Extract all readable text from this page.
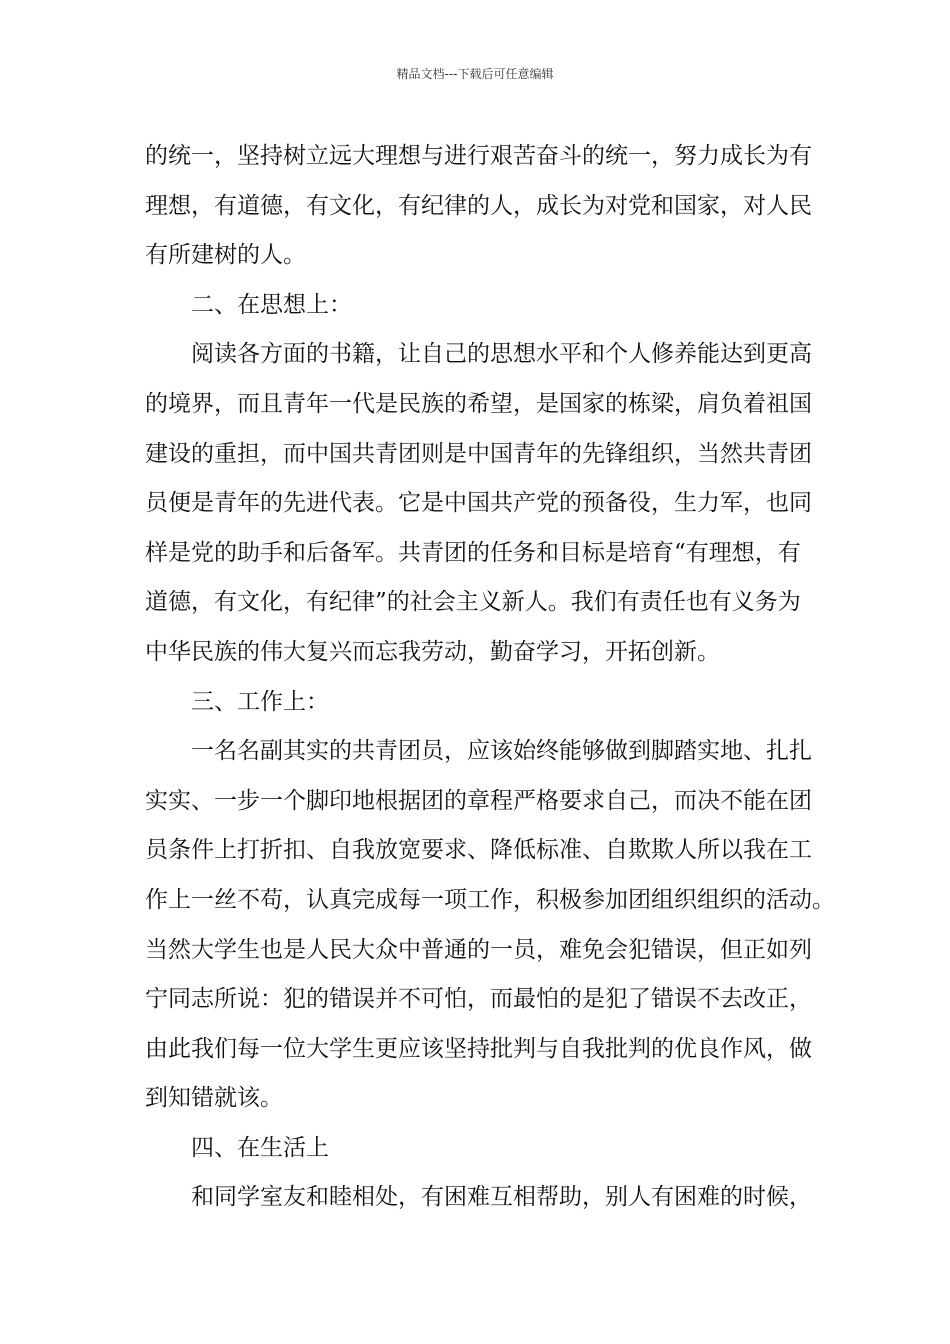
精品文档---下载后可任意编辑
的统一，坚持树立远大理想与进行艰苦奋斗的统一，努力成长为有
理想，有道德，有文化，有纪律的人，成长为对党和国家，对人民
有所建树的人。
二、在思想上：
阅读各方面的书籍，让自己的思想水平和个人修养能达到更高
的境界，而且青年一代是民族的希望，是国家的栋梁，肩负着祖国
建设的重担，而中国共青团则是中国青年的先锋组织，当然共青团
员便是青年的先进代表。它是中国共产党的预备役，生力军，也同
样是党的助手和后备军。共青团的任务和目标是培育“有理想，有
道德，有文化，有纪律”的社会主义新人。我们有责任也有义务为
中华民族的伟大复兴而忘我劳动，勤奋学习，开拓创新。
三、工作上：
一名名副其实的共青团员，应该始终能够做到脚踏实地、扎扎
实实、一步一个脚印地根据团的章程严格要求自己，而决不能在团
员条件上打折扣、自我放宽要求、降低标准、自欺欺人所以我在工
作上一丝不苟，认真完成每一项工作，积极参加团组织组织的活动。
当然大学生也是人民大众中普通的一员，难免会犯错误，但正如列
宁同志所说：犯的错误并不可怕，而最怕的是犯了错误不去改正，
由此我们每一位大学生更应该坚持批判与自我批判的优良作风，做
到知错就该。
四、在生活上
和同学室友和睦相处，有困难互相帮助，别人有困难的时候，
